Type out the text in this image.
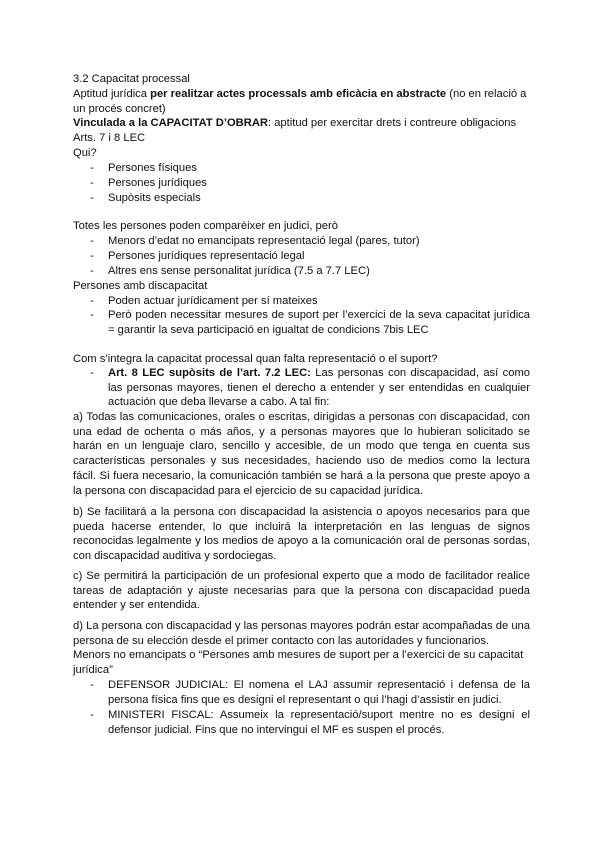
3.2 Capacitat processal
Aptitud jurídica per realitzar actes processals amb eficàcia en abstracte (no en relació a un procés concret)
Vinculada a la CAPACITAT D’OBRAR: aptitud per exercitar drets i contreure obligacions
Arts. 7 i 8 LEC
Qui?
- Persones físiques
- Persones jurídiques
- Supòsits especials
Totes les persones poden comparèixer en judici, però
- Menors d’edat no emancipats representació legal (pares, tutor)
- Persones jurídiques representació legal
- Altres ens sense personalitat jurídica (7.5 a 7.7 LEC)
Persones amb discapacitat
- Poden actuar jurídicament per sí mateixes
- Però poden necessitar mesures de suport per l’exercici de la seva capacitat jurídica = garantir la seva participació en igualtat de condicions 7bis LEC
Com s’integra la capacitat processal quan falta representació o el suport?
- Art. 8 LEC supòsits de l’art. 7.2 LEC: Las personas con discapacidad, así como las personas mayores, tienen el derecho a entender y ser entendidas en cualquier actuación que deba llevarse a cabo. A tal fin:
a) Todas las comunicaciones, orales o escritas, dirigidas a personas con discapacidad, con una edad de ochenta o más años, y a personas mayores que lo hubieran solicitado se harán en un lenguaje claro, sencillo y accesible, de un modo que tenga en cuenta sus características personales y sus necesidades, haciendo uso de medios como la lectura fácil. Si fuera necesario, la comunicación también se hará a la persona que preste apoyo a la persona con discapacidad para el ejercicio de su capacidad jurídica.
b) Se facilitará a la persona con discapacidad la asistencia o apoyos necesarios para que pueda hacerse entender, lo que incluirá la interpretación en las lenguas de signos reconocidas legalmente y los medios de apoyo a la comunicación oral de personas sordas, con discapacidad auditiva y sordociegas.
c) Se permitirá la participación de un profesional experto que a modo de facilitador realice tareas de adaptación y ajuste necesarias para que la persona con discapacidad pueda entender y ser entendida.
d) La persona con discapacidad y las personas mayores podrán estar acompañadas de una persona de su elección desde el primer contacto con las autoridades y funcionarios.
Menors no emancipats o “Persones amb mesures de suport per a l’exercici de su capacitat jurídica”
- DEFENSOR JUDICIAL: El nomena el LAJ assumir representació i defensa de la persona física fins que es designi el representant o qui l’hagi d’assistir en judici.
- MINISTERI FISCAL: Assumeix la representació/suport mentre no es designi el defensor judicial. Fins que no intervingui el MF es suspen el procés.
